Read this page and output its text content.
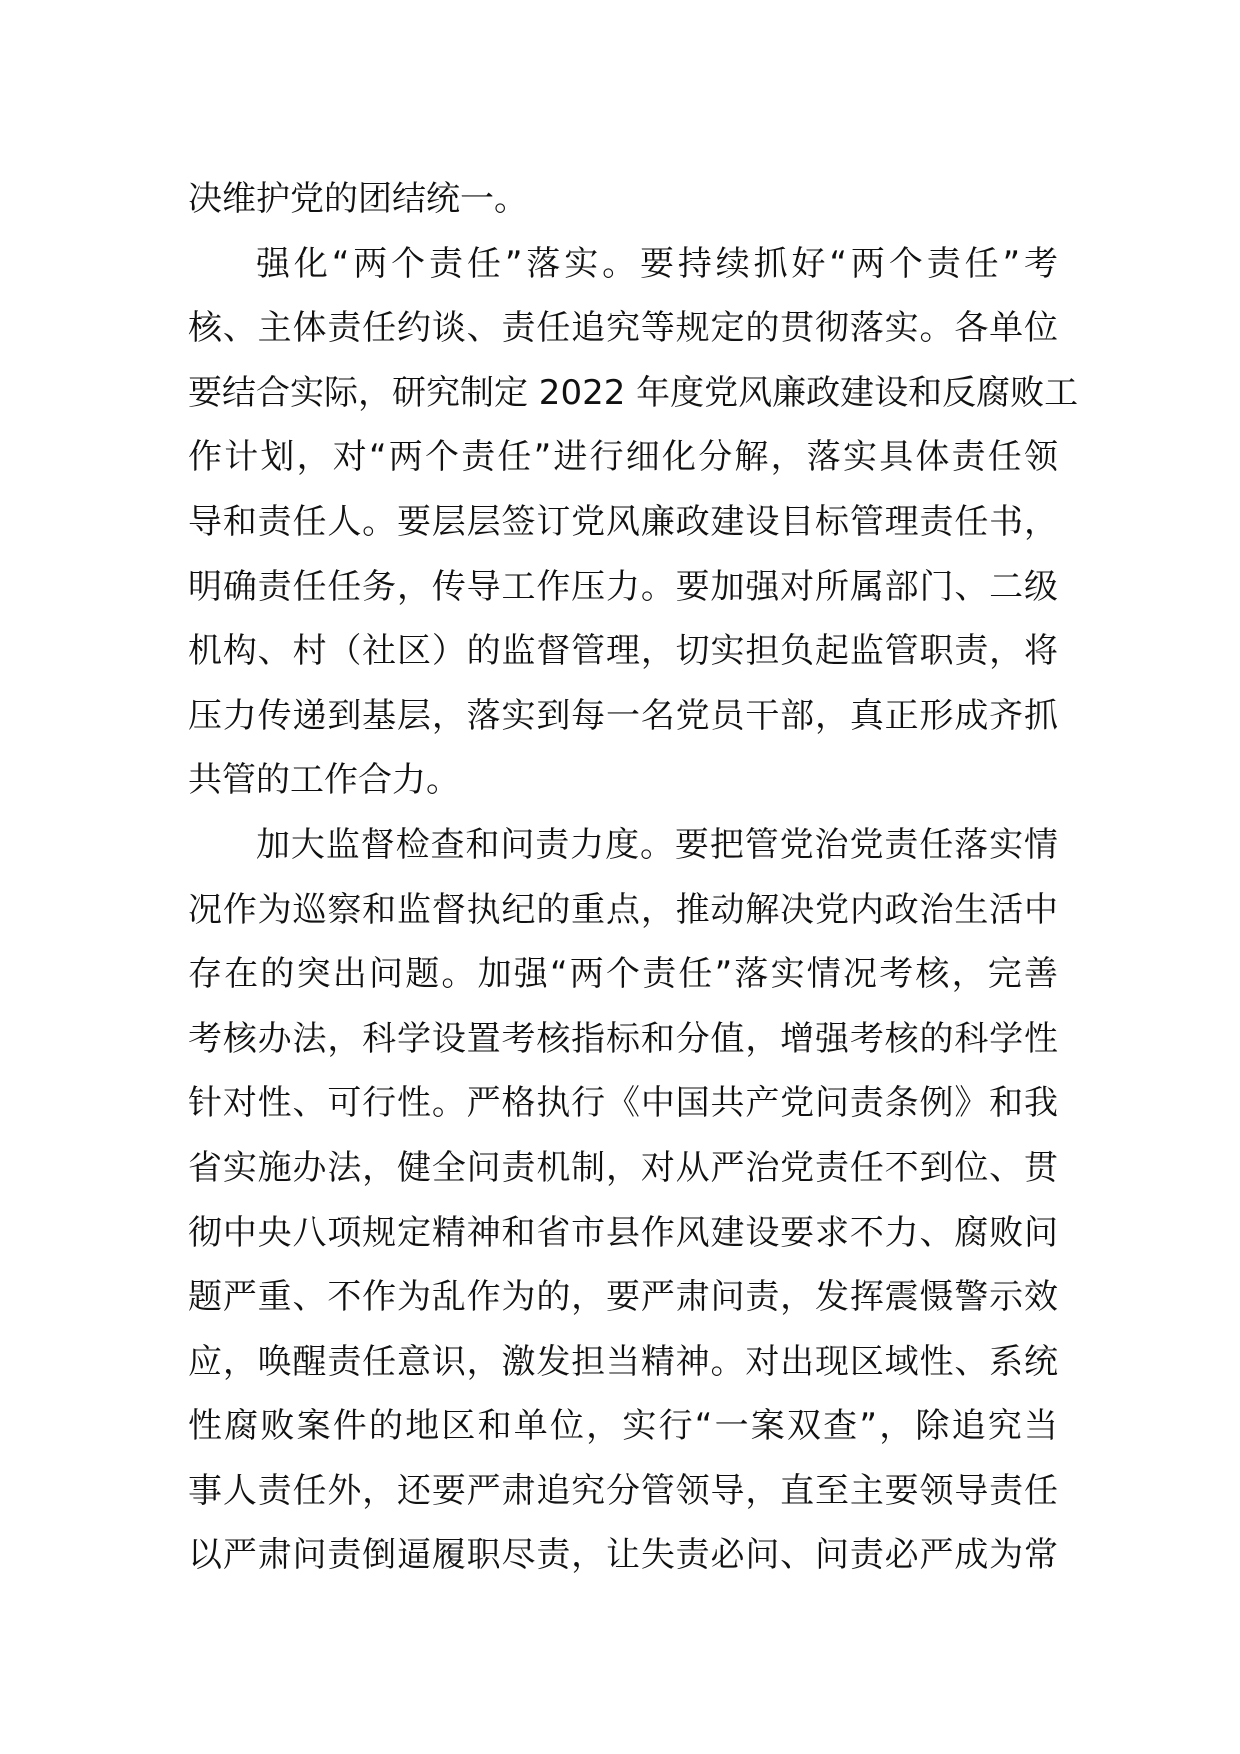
决维护党的团结统一。
强化“两个责任”落实。要持续抓好“两个责任”考
核、主体责任约谈、责任追究等规定的贯彻落实。各单位
要结合实际，研究制定 2022 年度党风廉政建设和反腐败工
作计划，对“两个责任”进行细化分解，落实具体责任领
导和责任人。要层层签订党风廉政建设目标管理责任书，
明确责任任务，传导工作压力。要加强对所属部门、二级
机构、村（社区）的监督管理，切实担负起监管职责，将
压力传递到基层，落实到每一名党员干部，真正形成齐抓
共管的工作合力。
加大监督检查和问责力度。要把管党治党责任落实情
况作为巡察和监督执纪的重点，推动解决党内政治生活中
存在的突出问题。加强“两个责任”落实情况考核，完善
考核办法，科学设置考核指标和分值，增强考核的科学性
针对性、可行性。严格执行《中国共产党问责条例》和我
省实施办法，健全问责机制，对从严治党责任不到位、贯
彻中央八项规定精神和省市县作风建设要求不力、腐败问
题严重、不作为乱作为的，要严肃问责，发挥震慑警示效
应，唤醒责任意识，激发担当精神。对出现区域性、系统
性腐败案件的地区和单位，实行“一案双查”，除追究当
事人责任外，还要严肃追究分管领导，直至主要领导责任
以严肃问责倒逼履职尽责，让失责必问、问责必严成为常
